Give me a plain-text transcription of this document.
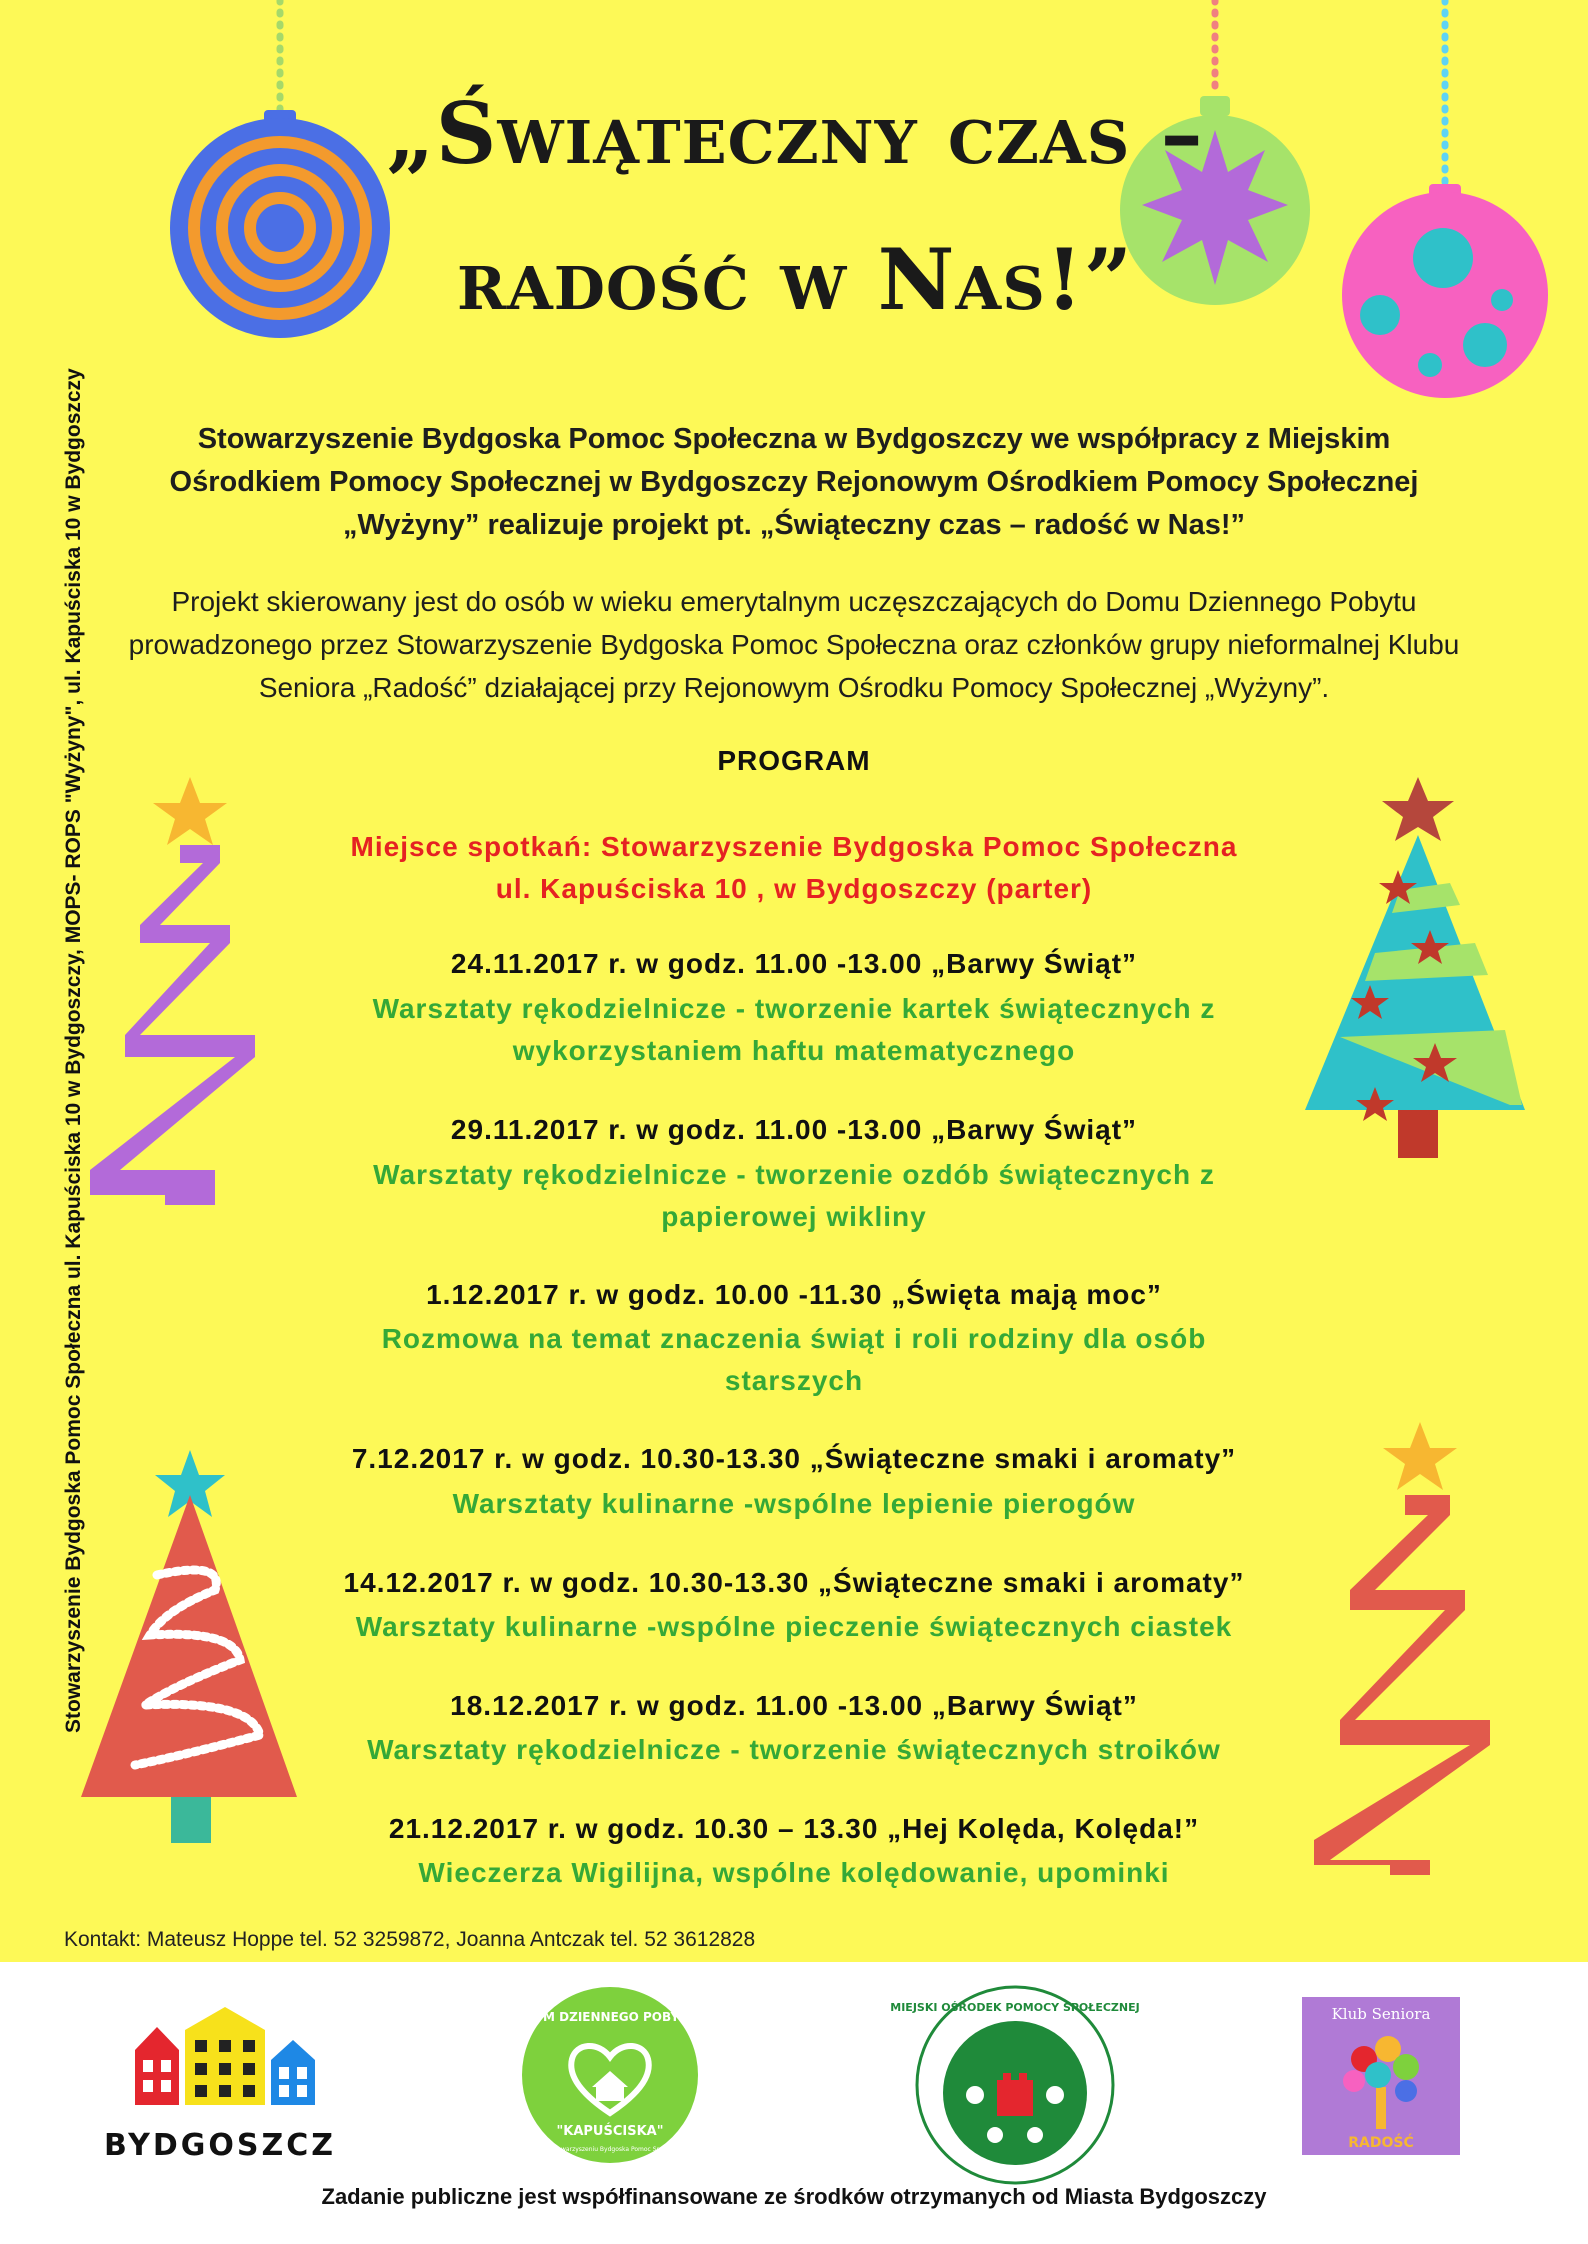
„Świąteczny czas –
radość w Nas!”
Stowarzyszenie Bydgoska Pomoc Społeczna w Bydgoszczy we współpracy z Miejskim
Ośrodkiem Pomocy Społecznej w Bydgoszczy Rejonowym Ośrodkiem Pomocy Społecznej
„Wyżyny” realizuje projekt pt. „Świąteczny czas – radość w Nas!”
Projekt skierowany jest do osób w wieku emerytalnym uczęszczających do Domu Dziennego Pobytu
prowadzonego przez Stowarzyszenie Bydgoska Pomoc Społeczna oraz członków grupy nieformalnej Klubu
Seniora „Radość” działającej przy Rejonowym Ośrodku Pomocy Społecznej „Wyżyny”.
PROGRAM
Miejsce spotkań: Stowarzyszenie Bydgoska Pomoc Społeczna
ul. Kapuściska 10 , w Bydgoszczy (parter)
24.11.2017 r. w godz. 11.00 -13.00 „Barwy Świąt”
Warsztaty rękodzielnicze - tworzenie kartek świątecznych z
wykorzystaniem haftu matematycznego
29.11.2017 r. w godz. 11.00 -13.00 „Barwy Świąt”
Warsztaty rękodzielnicze - tworzenie ozdób świątecznych z
papierowej wikliny
1.12.2017 r. w godz. 10.00 -11.30 „Święta mają moc”
Rozmowa na temat znaczenia świąt i roli rodziny dla osób
starszych
7.12.2017 r. w godz. 10.30-13.30 „Świąteczne smaki i aromaty”
Warsztaty kulinarne -wspólne lepienie pierogów
14.12.2017 r. w godz. 10.30-13.30 „Świąteczne smaki i aromaty”
Warsztaty kulinarne -wspólne pieczenie świątecznych ciastek
18.12.2017 r. w godz. 11.00 -13.00 „Barwy Świąt”
Warsztaty rękodzielnicze - tworzenie świątecznych stroików
21.12.2017 r. w godz. 10.30 – 13.30 „Hej Kolęda, Kolęda!”
Wieczerza Wigilijna, wspólne kolędowanie, upominki
Stowarzyszenie Bydgoska Pomoc Społeczna ul. Kapuściska 10 w Bydgoszczy, MOPS- ROPS "Wyżyny", ul. Kapuściska 10 w Bydgoszczy

Kontakt: Mateusz Hoppe tel. 52 3259872, Joanna Antczak tel. 52 3612828

BYDGOSZCZ
DOM DZIENNEGO POBYTU
"KAPUŚCISKA"
Przy Stowarzyszeniu Bydgoska Pomoc Społeczna
MIEJSKI OŚRODEK POMOCY SPOŁECZNEJ	Klub Seniora
RADOŚĆ

Zadanie publiczne jest współfinansowane ze środków otrzymanych od Miasta Bydgoszczy
